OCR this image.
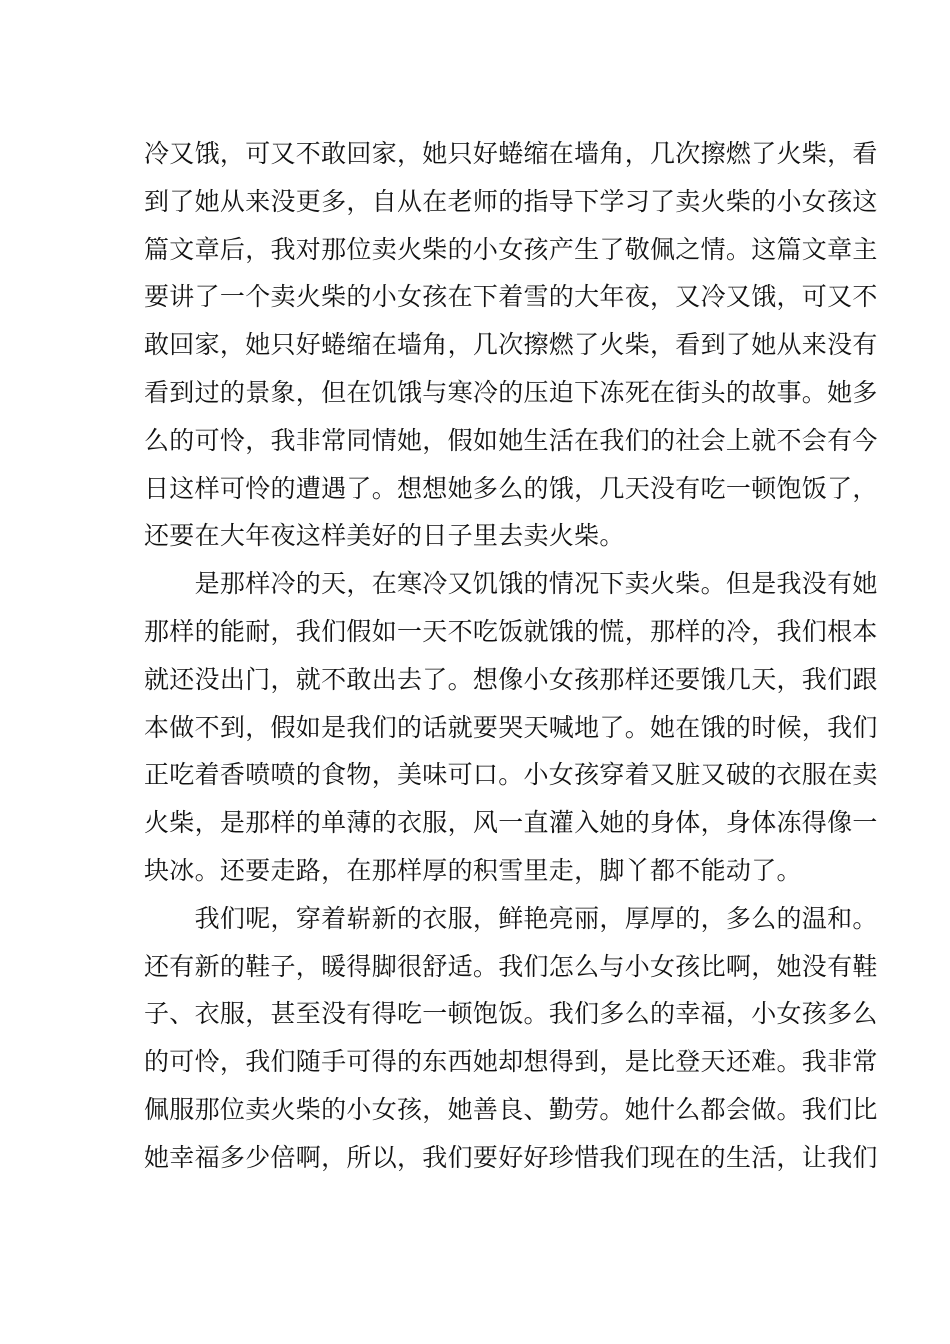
冷又饿，可又不敢回家，她只好蜷缩在墙角，几次擦燃了火柴，看
到了她从来没更多，自从在老师的指导下学习了卖火柴的小女孩这
篇文章后，我对那位卖火柴的小女孩产生了敬佩之情。这篇文章主
要讲了一个卖火柴的小女孩在下着雪的大年夜，又冷又饿，可又不
敢回家，她只好蜷缩在墙角，几次擦燃了火柴，看到了她从来没有
看到过的景象，但在饥饿与寒冷的压迫下冻死在街头的故事。她多
么的可怜，我非常同情她，假如她生活在我们的社会上就不会有今
日这样可怜的遭遇了。想想她多么的饿，几天没有吃一顿饱饭了，
还要在大年夜这样美好的日子里去卖火柴。
　　是那样冷的天，在寒冷又饥饿的情况下卖火柴。但是我没有她
那样的能耐，我们假如一天不吃饭就饿的慌，那样的冷，我们根本
就还没出门，就不敢出去了。想像小女孩那样还要饿几天，我们跟
本做不到，假如是我们的话就要哭天喊地了。她在饿的时候，我们
正吃着香喷喷的食物，美味可口。小女孩穿着又脏又破的衣服在卖
火柴，是那样的单薄的衣服，风一直灌入她的身体，身体冻得像一
块冰。还要走路，在那样厚的积雪里走，脚丫都不能动了。
　　我们呢，穿着崭新的衣服，鲜艳亮丽，厚厚的，多么的温和。
还有新的鞋子，暖得脚很舒适。我们怎么与小女孩比啊，她没有鞋
子、衣服，甚至没有得吃一顿饱饭。我们多么的幸福，小女孩多么
的可怜，我们随手可得的东西她却想得到，是比登天还难。我非常
佩服那位卖火柴的小女孩，她善良、勤劳。她什么都会做。我们比
她幸福多少倍啊，所以，我们要好好珍惜我们现在的生活，让我们
